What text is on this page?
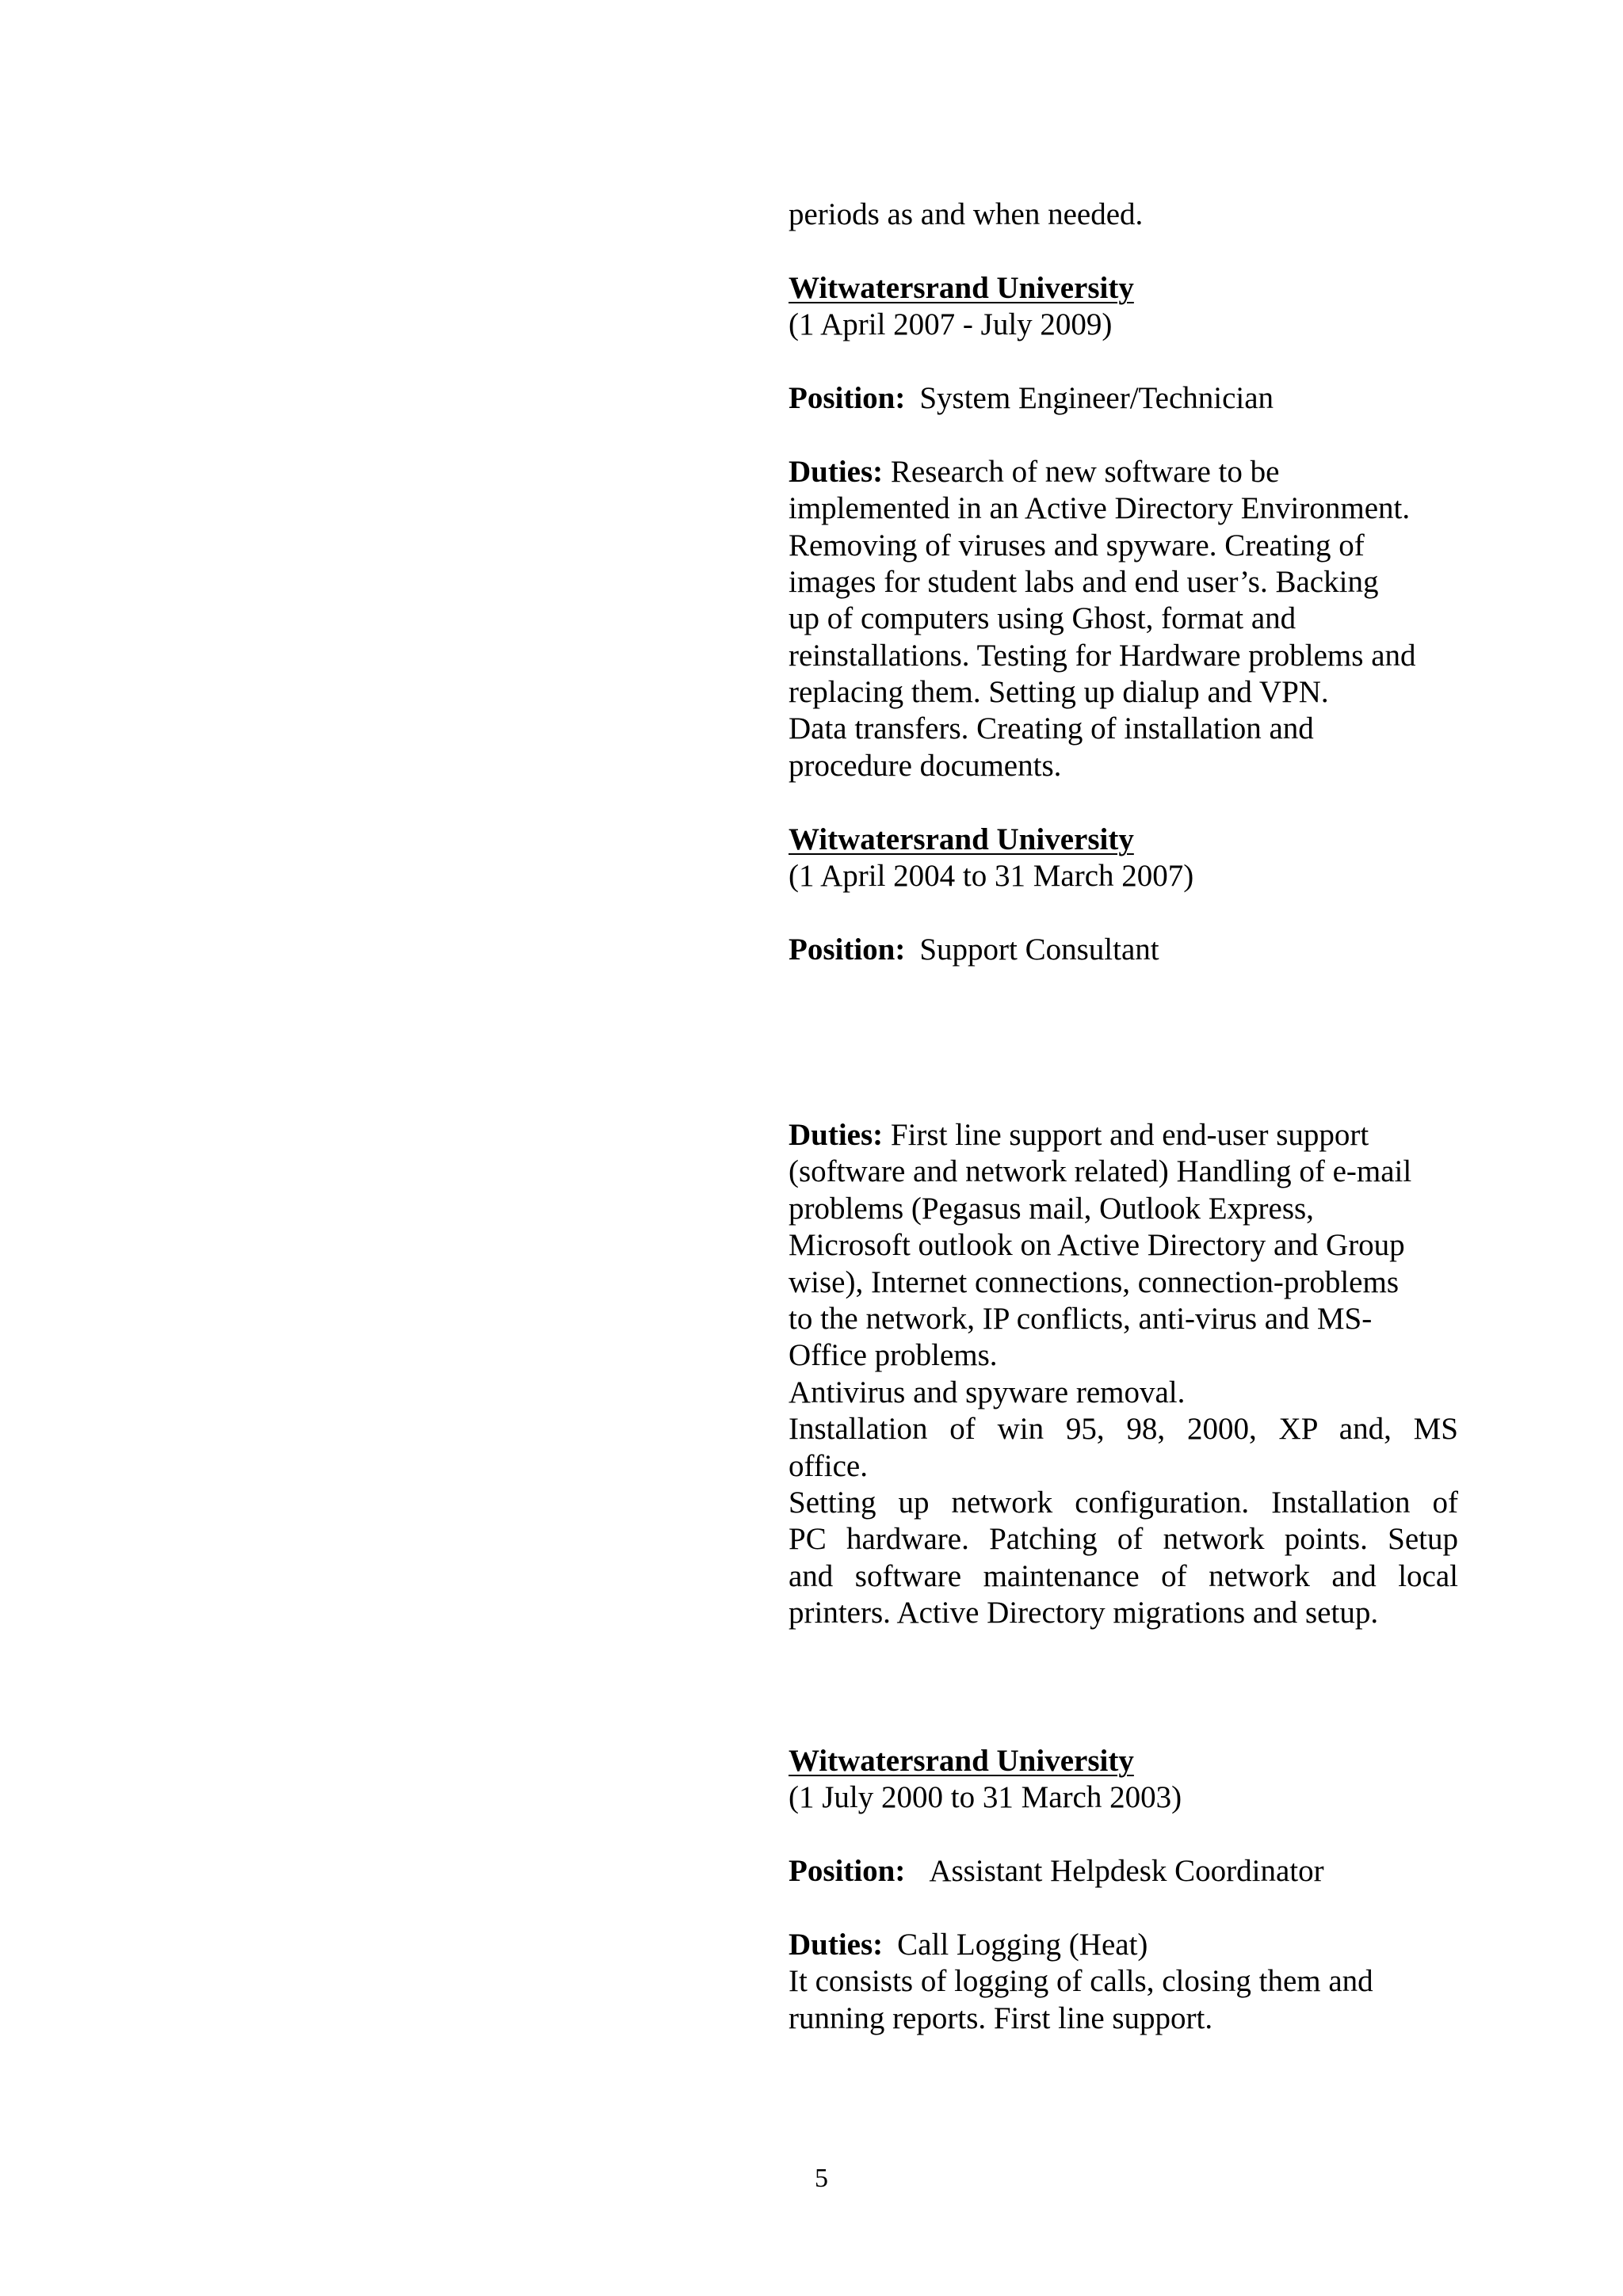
periods as and when needed.
Witwatersrand University
(1 April 2007 - July 2009)

Position: System Engineer/Technician

Duties: Research of new software to be
implemented in an Active Directory Environment.
Removing of viruses and spyware. Creating of
images for student labs and end user’s. Backing
up of computers using Ghost, format and
reinstallations. Testing for Hardware problems and
replacing them. Setting up dialup and VPN.
Data transfers. Creating of installation and
procedure documents.
Witwatersrand University
(1 April 2004 to 31 March 2007)

Position: Support Consultant
Duties: First line support and end-user support
(software and network related) Handling of e-mail
problems (Pegasus mail, Outlook Express,
Microsoft outlook on Active Directory and Group
wise), Internet connections, connection-problems
to the network, IP conflicts, anti-virus and MS-
Office problems.
Antivirus and spyware removal.
Installation of win 95, 98, 2000, XP and, MS
office.
Setting up network configuration. Installation of
PC hardware. Patching of network points. Setup
and software maintenance of network and local
printers. Active Directory migrations and setup.
Witwatersrand University
(1 July 2000 to 31 March 2003)

Position: Assistant Helpdesk Coordinator

Duties: Call Logging (Heat)
It consists of logging of calls, closing them and
running reports. First line support.
5
